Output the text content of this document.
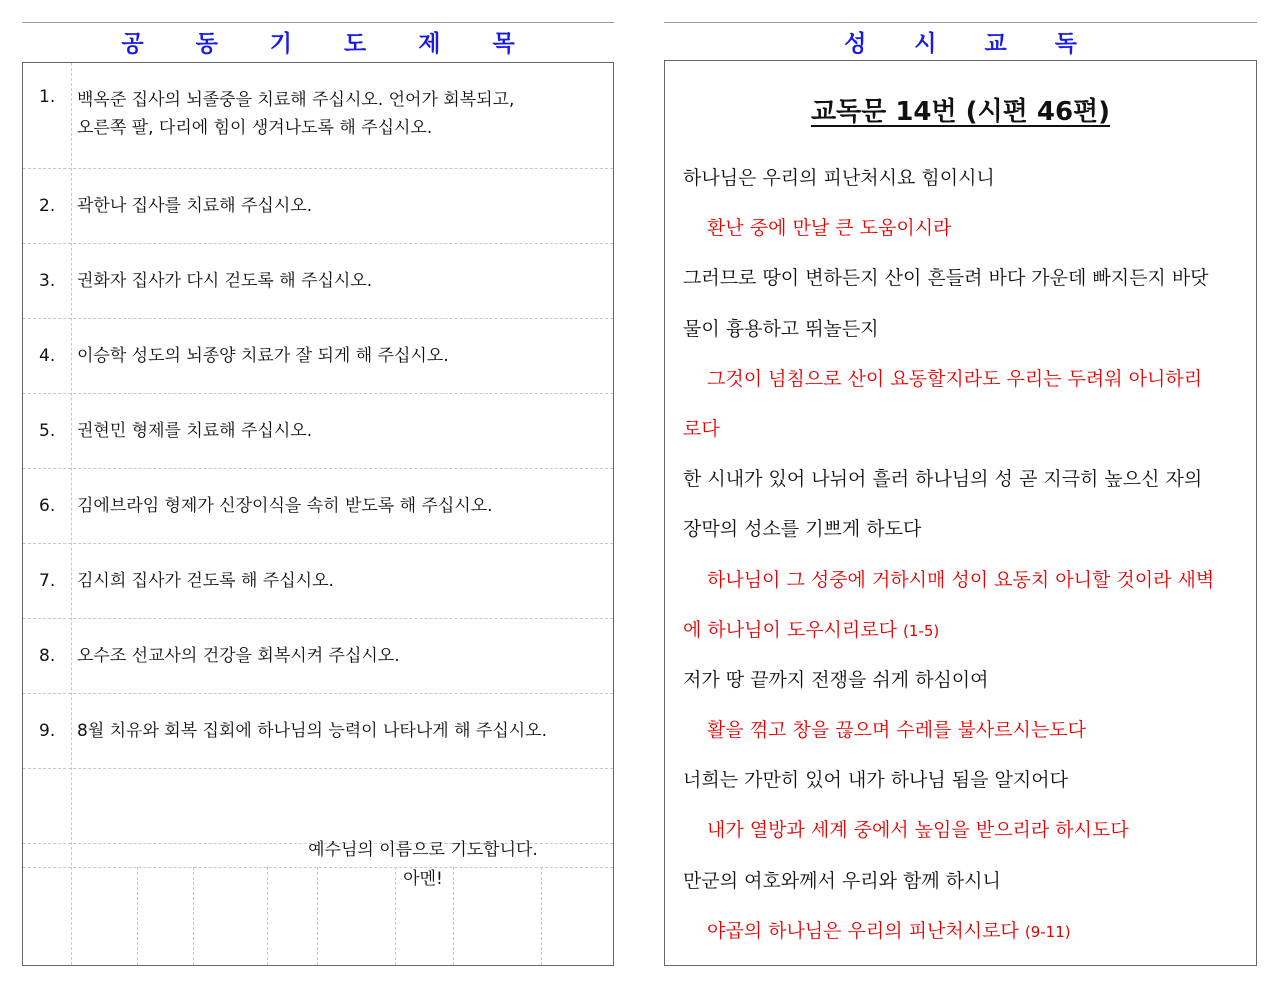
공 동 기 도 제 목
1. 백옥준 집사의 뇌졸중을 치료해 주십시오. 언어가 회복되고,
오른쪽 팔, 다리에 힘이 생겨나도록 해 주십시오.
2. 곽한나 집사를 치료해 주십시오.
3. 권화자 집사가 다시 걷도록 해 주십시오.
4. 이승학 성도의 뇌종양 치료가 잘 되게 해 주십시오.
5. 권현민 형제를 치료해 주십시오.
6. 김에브라임 형제가 신장이식을 속히 받도록 해 주십시오.
7. 김시희 집사가 걷도록 해 주십시오.
8. 오수조 선교사의 건강을 회복시켜 주십시오.
9. 8월 치유와 회복 집회에 하나님의 능력이 나타나게 해 주십시오.
예수님의 이름으로 기도합니다.
아멘!
성 시 교 독
교독문 14번 (시편 46편)
하나님은 우리의 피난처시요 힘이시니
환난 중에 만날 큰 도움이시라
그러므로 땅이 변하든지 산이 흔들려 바다 가운데 빠지든지 바닷
물이 흉용하고 뛰놀든지
그것이 넘침으로 산이 요동할지라도 우리는 두려워 아니하리
로다
한 시내가 있어 나뉘어 흘러 하나님의 성 곧 지극히 높으신 자의
장막의 성소를 기쁘게 하도다
하나님이 그 성중에 거하시매 성이 요동치 아니할 것이라 새벽
에 하나님이 도우시리로다 (1-5)
저가 땅 끝까지 전쟁을 쉬게 하심이여
활을 꺾고 창을 끊으며 수레를 불사르시는도다
너희는 가만히 있어 내가 하나님 됨을 알지어다
내가 열방과 세계 중에서 높임을 받으리라 하시도다
만군의 여호와께서 우리와 함께 하시니
야곱의 하나님은 우리의 피난처시로다 (9-11)
